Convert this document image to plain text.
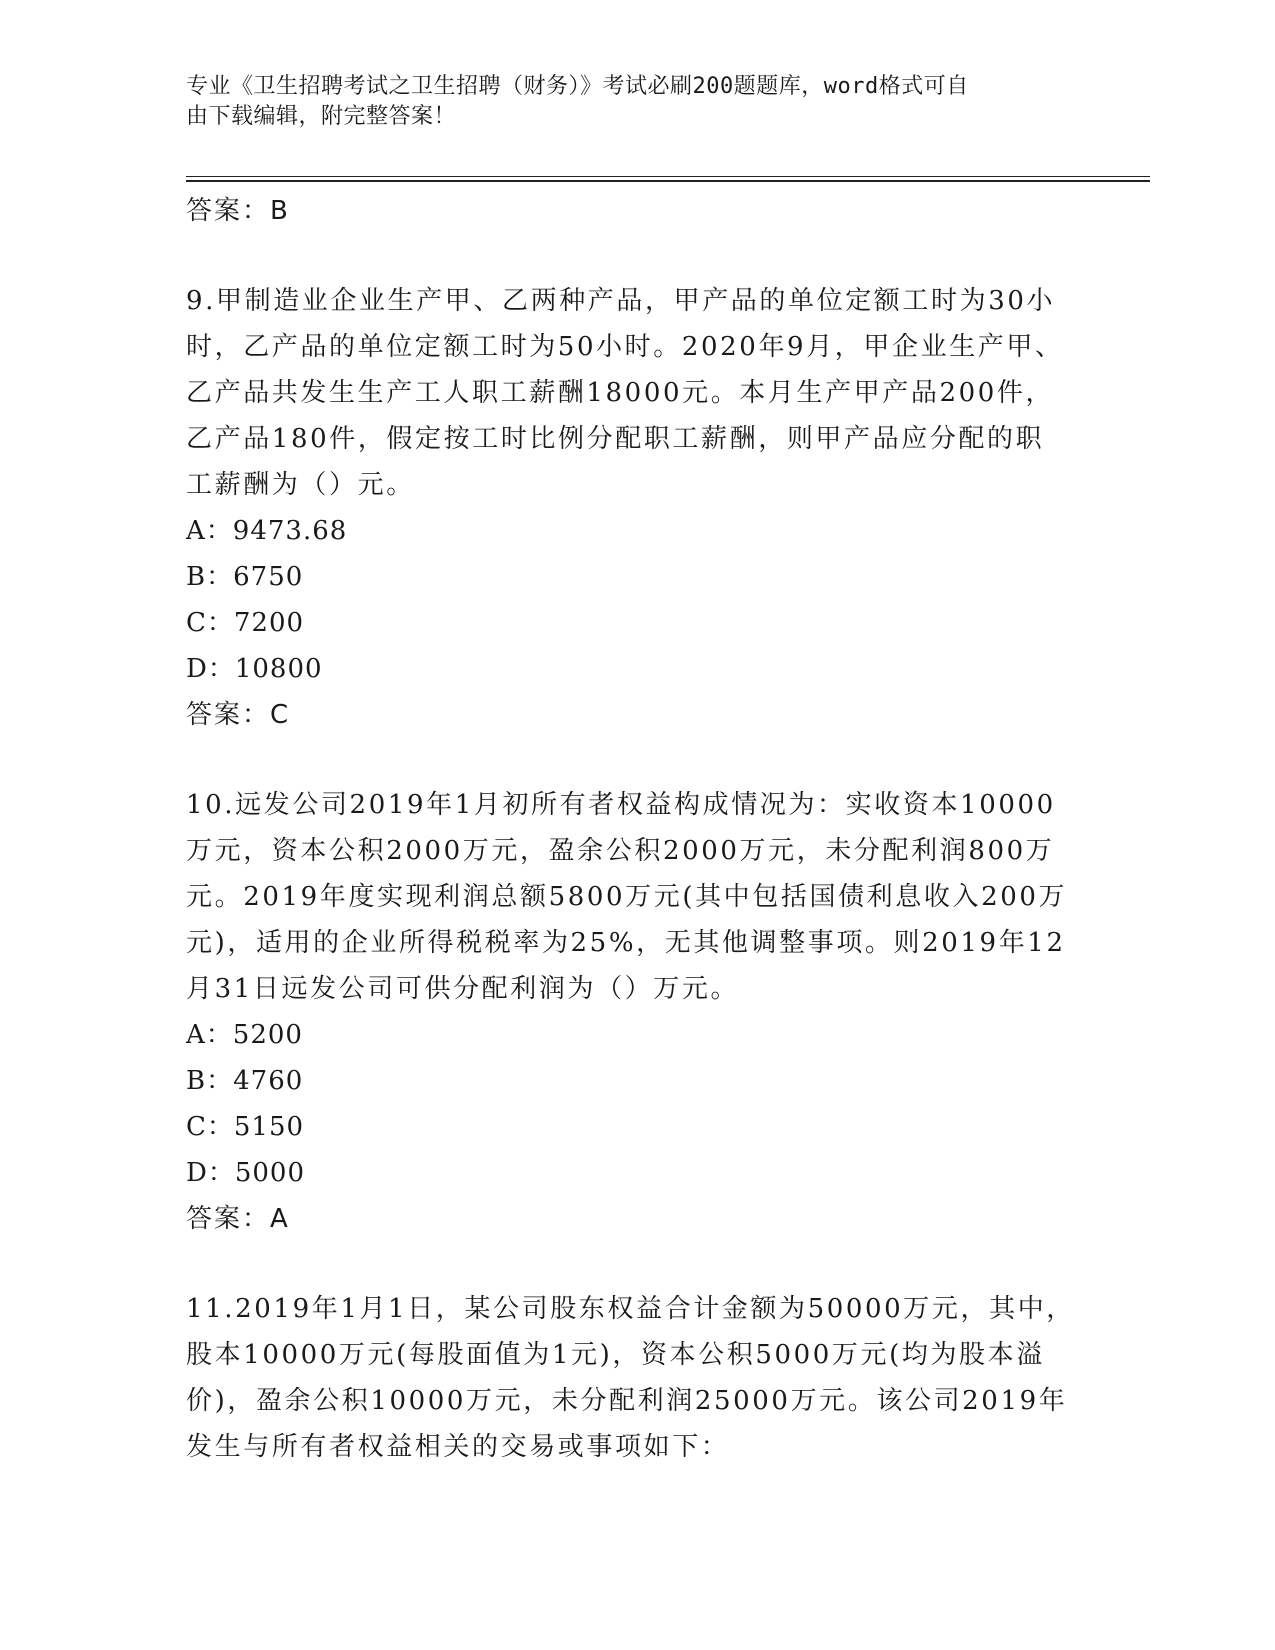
专业《卫生招聘考试之卫生招聘（财务）》考试必刷200题题库，word格式可自
由下载编辑，附完整答案！

答案：B

9.甲制造业企业生产甲、乙两种产品，甲产品的单位定额工时为30小

时，乙产品的单位定额工时为50小时。2020年9月，甲企业生产甲、

乙产品共发生生产工人职工薪酬18000元。本月生产甲产品200件，

乙产品180件，假定按工时比例分配职工薪酬，则甲产品应分配的职

工薪酬为（）元。

A：9473.68

B：6750

C：7200

D：10800

答案：C

10.远发公司2019年1月初所有者权益构成情况为：实收资本10000

万元，资本公积2000万元，盈余公积2000万元，未分配利润800万

元。2019年度实现利润总额5800万元(其中包括国债利息收入200万

元)，适用的企业所得税税率为25%，无其他调整事项。则2019年12

月31日远发公司可供分配利润为（）万元。

A：5200

B：4760

C：5150

D：5000

答案：A

11.2019年1月1日，某公司股东权益合计金额为50000万元，其中，

股本10000万元(每股面值为1元)，资本公积5000万元(均为股本溢

价)，盈余公积10000万元，未分配利润25000万元。该公司2019年

发生与所有者权益相关的交易或事项如下：
